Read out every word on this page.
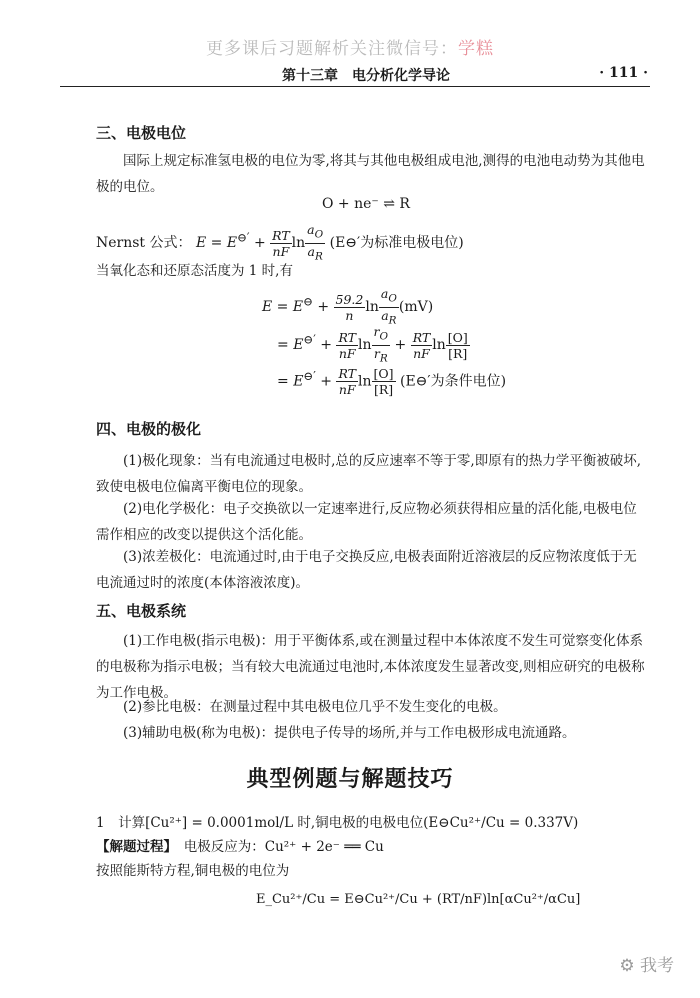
更多课后习题解析关注微信号：学糕
第十三章　电分析化学导论	· 111 ·
三、电极电位

国际上规定标准氢电极的电位为零,将其与其他电极组成电池,测得的电池电动势为其他电极的电位。

O + ne⁻ ⇌ R
Nernst 公式： $E = E^{⊖'} + \frac{RT}{nF}$ $\ln \frac{a_O}{a_R}$ (E⊖′为标准电极电位)

当氧化态和还原态活度为 1 时,有

$E = E^⊖ + \frac{59.2}{n}$ $\ln \frac{a_O}{a_R} (mV)$
= $E^{⊖'} + \frac{RT}{nF}$ $\ln \frac{r_O}{r_R} + \frac{RT}{nF}$ $\ln \frac{[O]}{[R]}$
= $E^{⊖'} + \frac{RT}{nF}$ $\ln \frac{[O]}{[R]}$ (E⊖′为条件电位)
四、电极的极化

(1)极化现象：当有电流通过电极时,总的反应速率不等于零,即原有的热力学平衡被破坏,致使电极电位偏离平衡电位的现象。

(2)电化学极化：电子交换欲以一定速率进行,反应物必须获得相应量的活化能,电极电位需作相应的改变以提供这个活化能。

(3)浓差极化：电流通过时,由于电子交换反应,电极表面附近溶液层的反应物浓度低于无电流通过时的浓度(本体溶液浓度)。

五、电极系统

(1)工作电极(指示电极)：用于平衡体系,或在测量过程中本体浓度不发生可觉察变化体系的电极称为指示电极；当有较大电流通过电池时,本体浓度发生显著改变,则相应研究的电极称为工作电极。

(2)参比电极：在测量过程中其电极电位几乎不发生变化的电极。

(3)辅助电极(称为电极)：提供电子传导的场所,并与工作电极形成电流通路。

典型例题与解题技巧

1　计算[Cu²⁺] = 0.0001mol/L 时,铜电极的电极电位(E⊖Cu²⁺/Cu = 0.337V)

【解题过程】　 电极反应为：Cu²⁺ + 2e⁻ ══ Cu

按照能斯特方程,铜电极的电位为

E_Cu²⁺/Cu = E⊖Cu²⁺/Cu + (RT/nF)ln[αCu²⁺/αCu]
⚙ 我考
